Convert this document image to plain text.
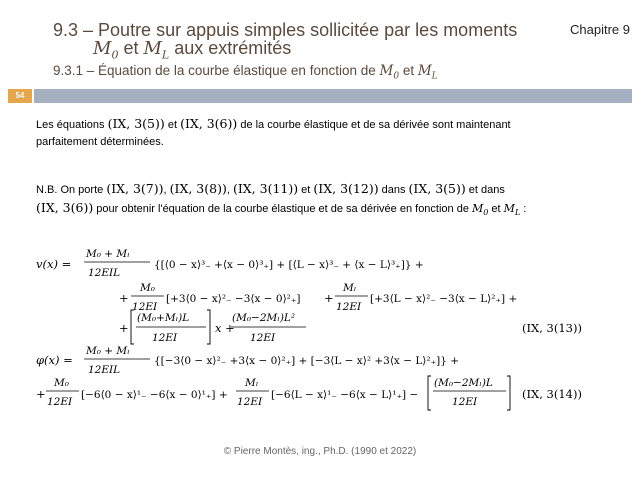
9.3 – Poutre sur appuis simples sollicitée par les moments
$M_0$ et $M_L$ aux extrémités
Chapitre 9
9.3.1 – Équation de la courbe élastique en fonction de $M_0$ et $M_L$
54
Les équations (IX, 3(5)) et (IX, 3(6)) de la courbe élastique et de sa dérivée sont maintenant
parfaitement déterminées.
N.B. On porte (IX, 3(7)), (IX, 3(8)), (IX, 3(11)) et (IX, 3(12)) dans (IX, 3(5)) et dans
(IX, 3(6)) pour obtenir l'équation de la courbe élastique et de sa dérivée en fonction de $M_0$ et $M_L$ :
v(x) =
M₀ + Mₗ
12EIL
{[⟨0 − x⟩³₋ +⟨x − 0⟩³₊] + [⟨L − x⟩³₋ + ⟨x − L⟩³₊]} +
+
M₀
12EI
[+3⟨0 − x⟩²₋ −3⟨x − 0⟩²₊] +
Mₗ
12EI
[+3⟨L − x⟩²₋ −3⟨x − L⟩²₊] +
+
(M₀+Mₗ)L
12EI
x +
(M₀−2Mₗ)L²
12EI
(IX, 3(13))
φ(x) =
M₀ + Mₗ
12EIL
{[−3⟨0 − x⟩²₋ +3⟨x − 0⟩²₊] + [−3⟨L − x⟩² +3⟨x − L⟩²₊]} +
+
M₀
12EI
[−6⟨0 − x⟩¹₋ −6⟨x − 0⟩¹₊] +
Mₗ
12EI
[−6⟨L − x⟩¹₋ −6⟨x − L⟩¹₊] −
(M₀−2Mₗ)L
12EI
(IX, 3(14))
© Pierre Montès, ing., Ph.D. (1990 et 2022)
